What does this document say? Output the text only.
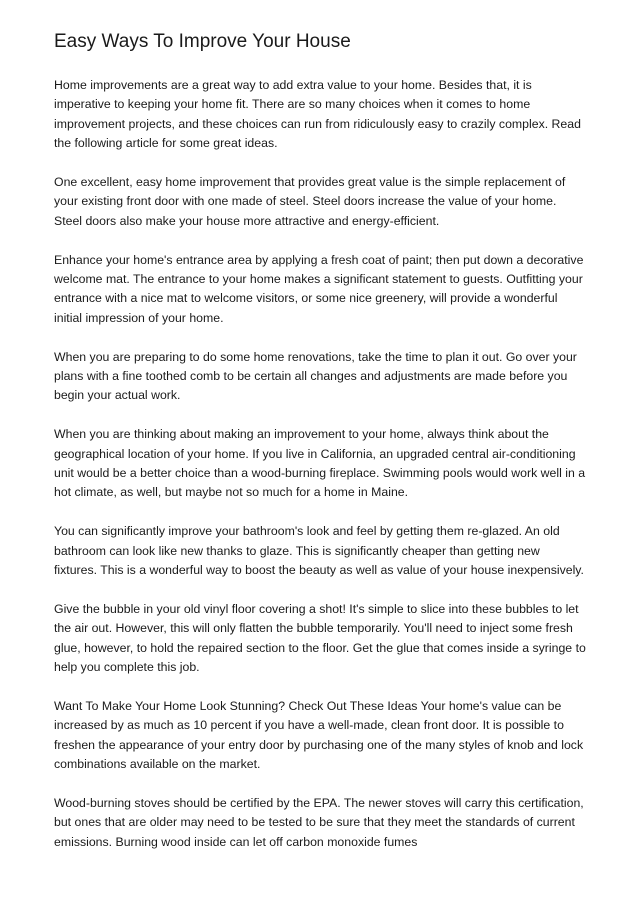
Easy Ways To Improve Your House

Home improvements are a great way to add extra value to your home. Besides that, it is imperative to keeping your home fit. There are so many choices when it comes to home improvement projects, and these choices can run from ridiculously easy to crazily complex. Read the following article for some great ideas.

One excellent, easy home improvement that provides great value is the simple replacement of your existing front door with one made of steel. Steel doors increase the value of your home. Steel doors also make your house more attractive and energy-efficient.

Enhance your home's entrance area by applying a fresh coat of paint; then put down a decorative welcome mat. The entrance to your home makes a significant statement to guests. Outfitting your entrance with a nice mat to welcome visitors, or some nice greenery, will provide a wonderful initial impression of your home.

When you are preparing to do some home renovations, take the time to plan it out. Go over your plans with a fine toothed comb to be certain all changes and adjustments are made before you begin your actual work.

When you are thinking about making an improvement to your home, always think about the geographical location of your home. If you live in California, an upgraded central air-conditioning unit would be a better choice than a wood-burning fireplace. Swimming pools would work well in a hot climate, as well, but maybe not so much for a home in Maine.

You can significantly improve your bathroom's look and feel by getting them re-glazed. An old bathroom can look like new thanks to glaze. This is significantly cheaper than getting new fixtures. This is a wonderful way to boost the beauty as well as value of your house inexpensively.

Give the bubble in your old vinyl floor covering a shot! It's simple to slice into these bubbles to let the air out. However, this will only flatten the bubble temporarily. You'll need to inject some fresh glue, however, to hold the repaired section to the floor. Get the glue that comes inside a syringe to help you complete this job.

Want To Make Your Home Look Stunning? Check Out These Ideas Your home's value can be increased by as much as 10 percent if you have a well-made, clean front door. It is possible to freshen the appearance of your entry door by purchasing one of the many styles of knob and lock combinations available on the market.

Wood-burning stoves should be certified by the EPA. The newer stoves will carry this certification, but ones that are older may need to be tested to be sure that they meet the standards of current emissions. Burning wood inside can let off carbon monoxide fumes
